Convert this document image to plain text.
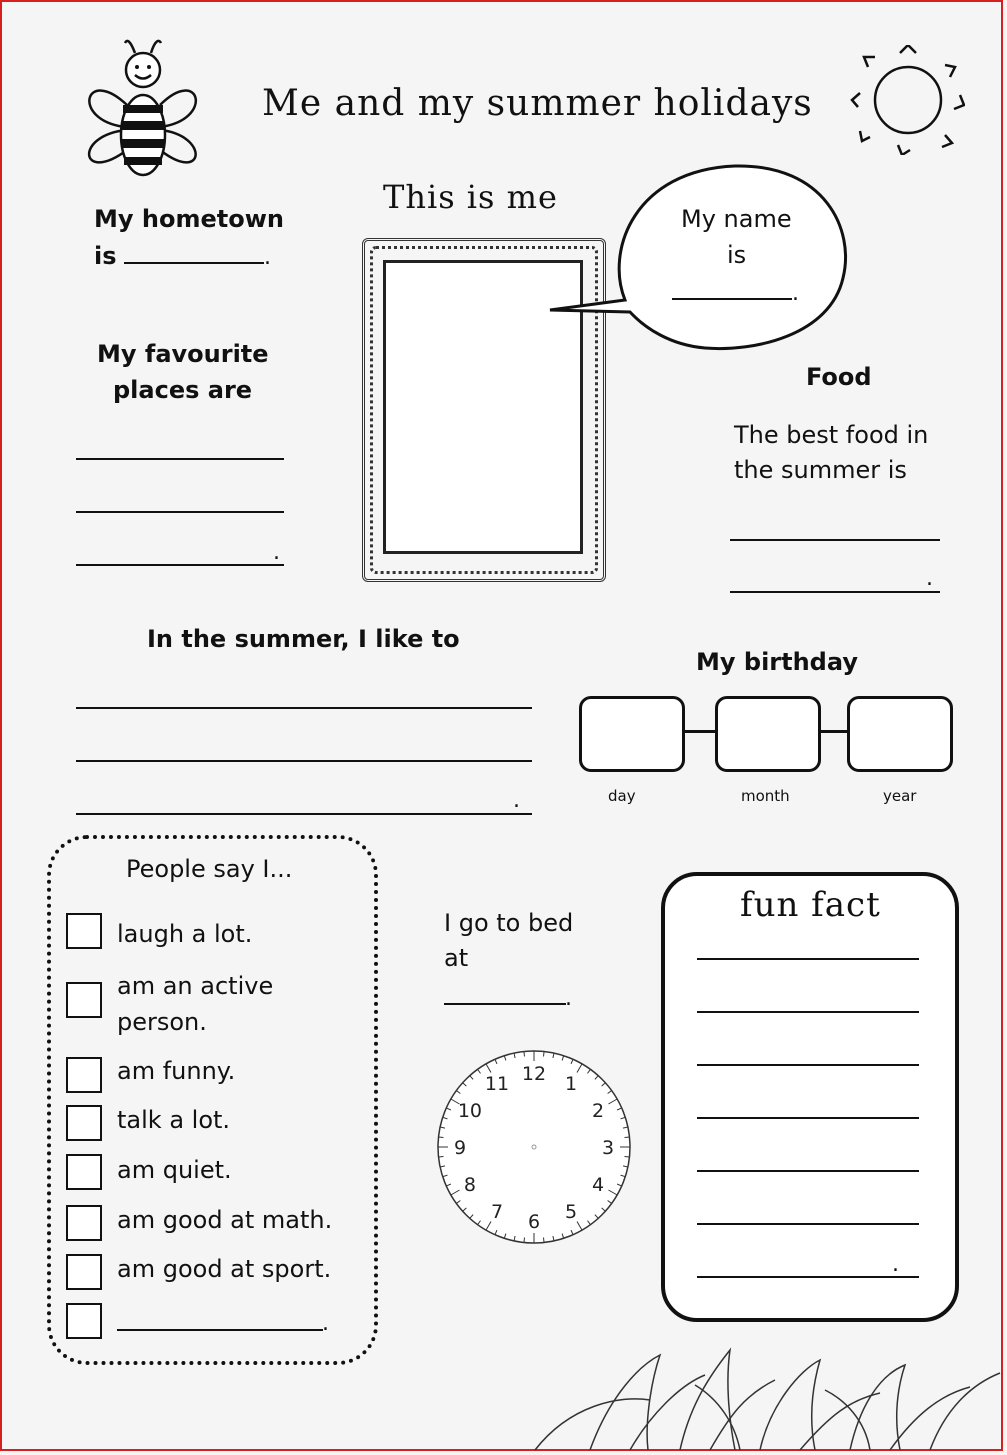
Me and my summer holidays
My hometown
is	.
This is me
My name
is
.
My favourite
places are
.
Food
The best food in
the summer is
.
In the summer, I like to
.
My birthday
day	month	year
People say I...
laugh a lot.
am an active
person.
am funny.
talk a lot.
am quiet.
am good at math.
am good at sport.
.
I go to bed
at
.
12 1
2
3
4
5
6
7
8
9
10
11
fun fact
.
